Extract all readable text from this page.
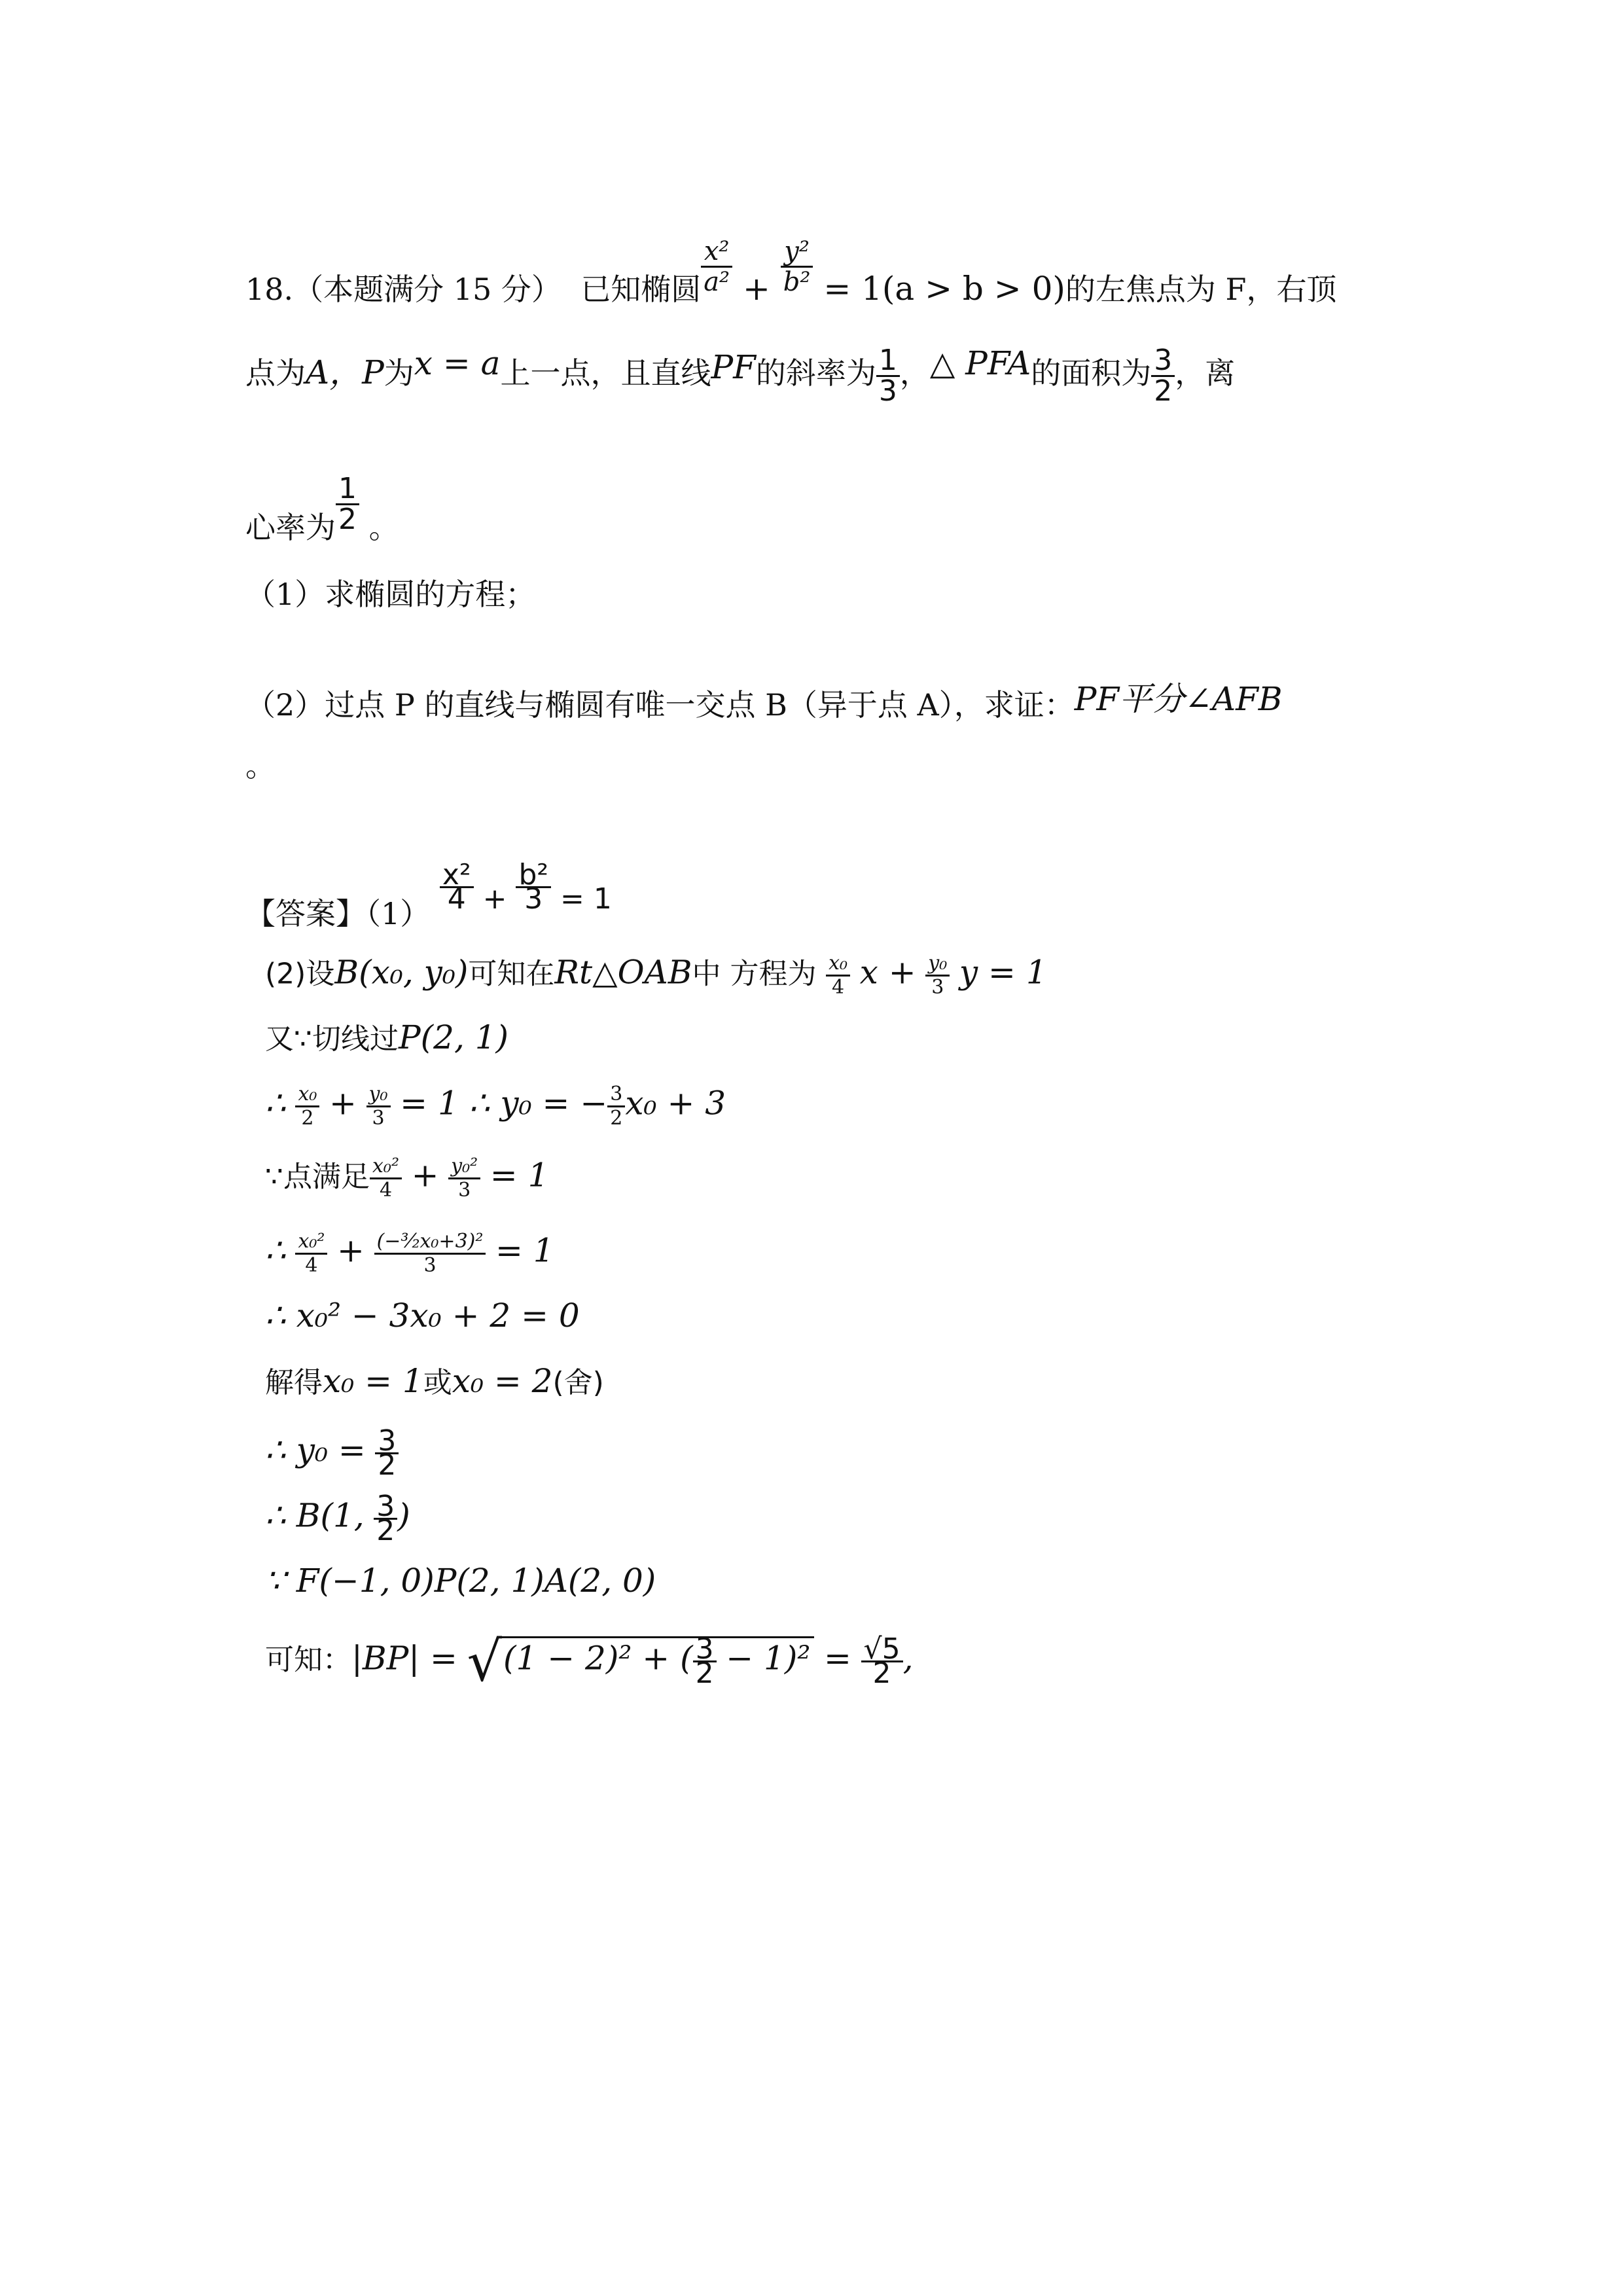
18.（本题满分 15 分） 已知椭圆 $\frac{\text{x²}}{\text{a²}} + \frac{\text{y²}}{\text{b²}} = 1(a > b > 0)$的左焦点为 F，右顶
点为A，P为x = a上一点，且直线PF的斜率为 $\frac{1}{3}$ ，△ PFA的面积为 $\frac{3}{2}$ ，离
心率为 $\frac{1}{2}$ 。
（1）求椭圆的方程；
（2）过点 P 的直线与椭圆有唯一交点 B（异于点 A），求证：PF平分∠AFB
。
【答案】（1）
$\frac{\text{x²}}{4} + \frac{\text{b²}}{3} = 1$
(2)设B(x₀, y₀)可知在Rt△OAB中 方程为 $\frac{\text{x₀}}{4}$ $x + \frac{\text{y₀}}{3}$ y = 1
又∵切线过P(2, 1)
∴ $\frac{\text{x₀}}{2} + \frac{\text{y₀}}{3} = 1$ ∴ y₀ = − $\frac{3}{2} x_0 + 3$
∵点满足 $\frac{\text{x₀²}}{4} + \frac{\text{y₀²}}{3} = 1$
∴ $\frac{\text{x₀²}}{4} + \frac{\text{(−³⁄₂x₀+3)²}}{3} = 1$
∴ x₀² − 3x₀ + 2 = 0
解得x₀ = 1或x₀ = 2(舍)
∴ $y_0 = \frac{3}{2}$
∴ B(1, $\frac{3}{2}$ )
∵ F(−1, 0)P(2, 1)A(2, 0)
可知：|BP| = √(1 − 2)² + ( $\frac{3}{2} - 1)^2 = \frac{√5}{2}$ ,
